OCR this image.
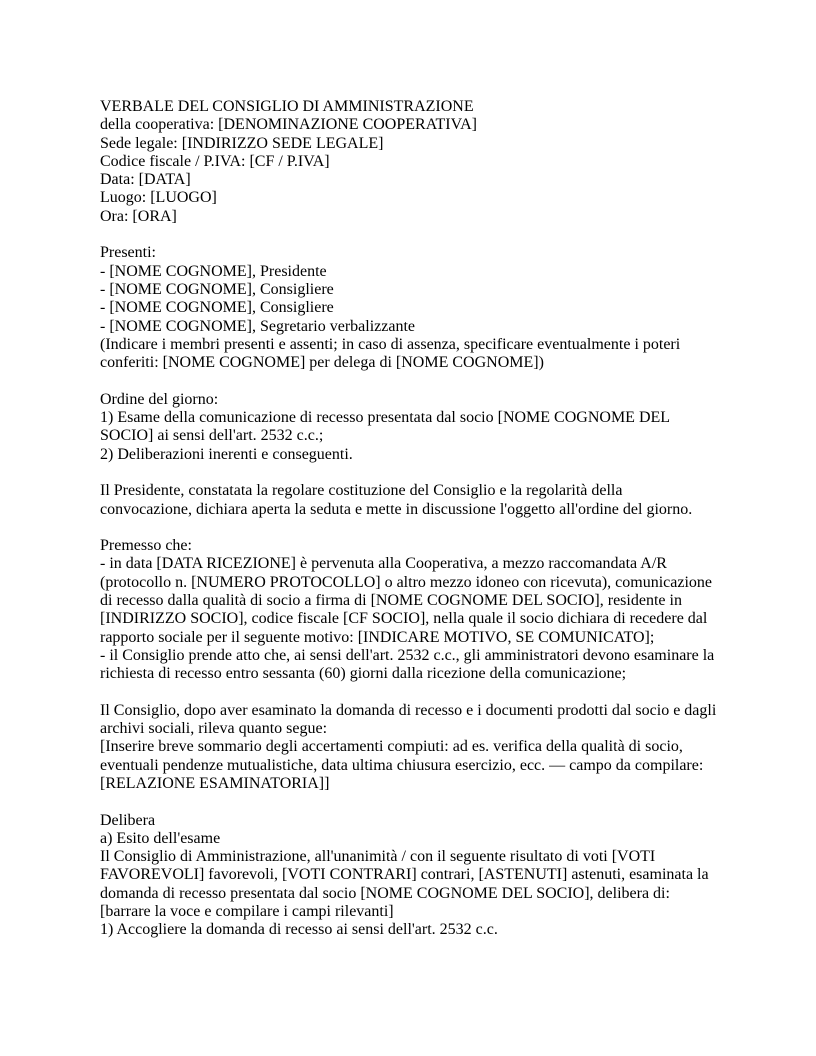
VERBALE DEL CONSIGLIO DI AMMINISTRAZIONE
della cooperativa: [DENOMINAZIONE COOPERATIVA]
Sede legale: [INDIRIZZO SEDE LEGALE]
Codice fiscale / P.IVA: [CF / P.IVA]
Data: [DATA]
Luogo: [LUOGO]
Ora: [ORA]
Presenti:
- [NOME COGNOME], Presidente
- [NOME COGNOME], Consigliere
- [NOME COGNOME], Consigliere
- [NOME COGNOME], Segretario verbalizzante
(Indicare i membri presenti e assenti; in caso di assenza, specificare eventualmente i poteri
conferiti: [NOME COGNOME] per delega di [NOME COGNOME])
Ordine del giorno:
1) Esame della comunicazione di recesso presentata dal socio [NOME COGNOME DEL
SOCIO] ai sensi dell'art. 2532 c.c.;
2) Deliberazioni inerenti e conseguenti.
Il Presidente, constatata la regolare costituzione del Consiglio e la regolarità della
convocazione, dichiara aperta la seduta e mette in discussione l'oggetto all'ordine del giorno.
Premesso che:
- in data [DATA RICEZIONE] è pervenuta alla Cooperativa, a mezzo raccomandata A/R
(protocollo n. [NUMERO PROTOCOLLO] o altro mezzo idoneo con ricevuta), comunicazione
di recesso dalla qualità di socio a firma di [NOME COGNOME DEL SOCIO], residente in
[INDIRIZZO SOCIO], codice fiscale [CF SOCIO], nella quale il socio dichiara di recedere dal
rapporto sociale per il seguente motivo: [INDICARE MOTIVO, SE COMUNICATO];
- il Consiglio prende atto che, ai sensi dell'art. 2532 c.c., gli amministratori devono esaminare la
richiesta di recesso entro sessanta (60) giorni dalla ricezione della comunicazione;
Il Consiglio, dopo aver esaminato la domanda di recesso e i documenti prodotti dal socio e dagli
archivi sociali, rileva quanto segue:
[Inserire breve sommario degli accertamenti compiuti: ad es. verifica della qualità di socio,
eventuali pendenze mutualistiche, data ultima chiusura esercizio, ecc. — campo da compilare:
[RELAZIONE ESAMINATORIA]]
Delibera
a) Esito dell'esame
Il Consiglio di Amministrazione, all'unanimità / con il seguente risultato di voti [VOTI
FAVOREVOLI] favorevoli, [VOTI CONTRARI] contrari, [ASTENUTI] astenuti, esaminata la
domanda di recesso presentata dal socio [NOME COGNOME DEL SOCIO], delibera di:
[barrare la voce e compilare i campi rilevanti]
1) Accogliere la domanda di recesso ai sensi dell'art. 2532 c.c.
